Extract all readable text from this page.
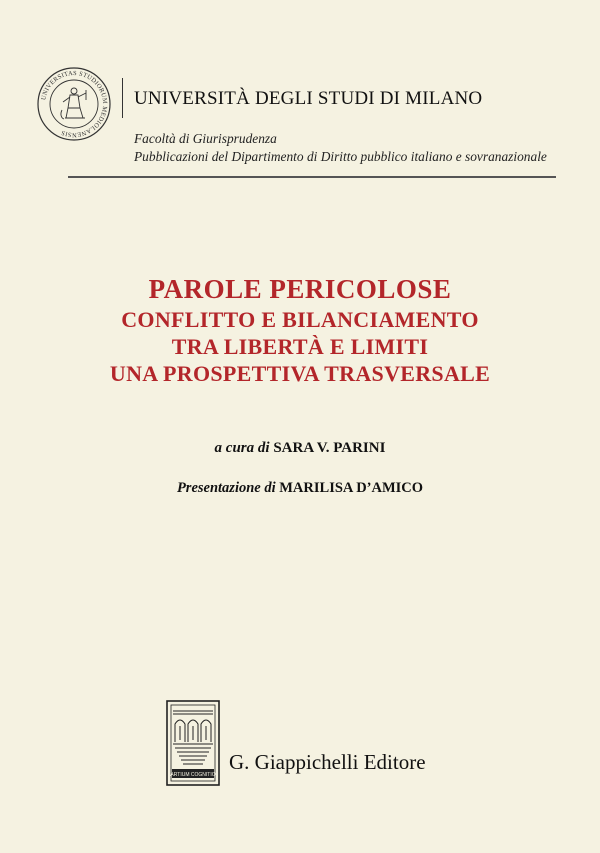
UNIVERSITAS STUDIORUM MEDIOLANENSIS
UNIVERSITÀ DEGLI STUDI DI MILANO
Facoltà di Giurisprudenza
Pubblicazioni del Dipartimento di Diritto pubblico italiano e sovranazionale
PAROLE PERICOLOSE
CONFLITTO E BILANCIAMENTO
TRA LIBERTÀ E LIMITI
UNA PROSPETTIVA TRASVERSALE
a cura di SARA V. PARINI
Presentazione di MARILISA D’AMICO
ARTIUM COGNITIO
G. Giappichelli Editore
